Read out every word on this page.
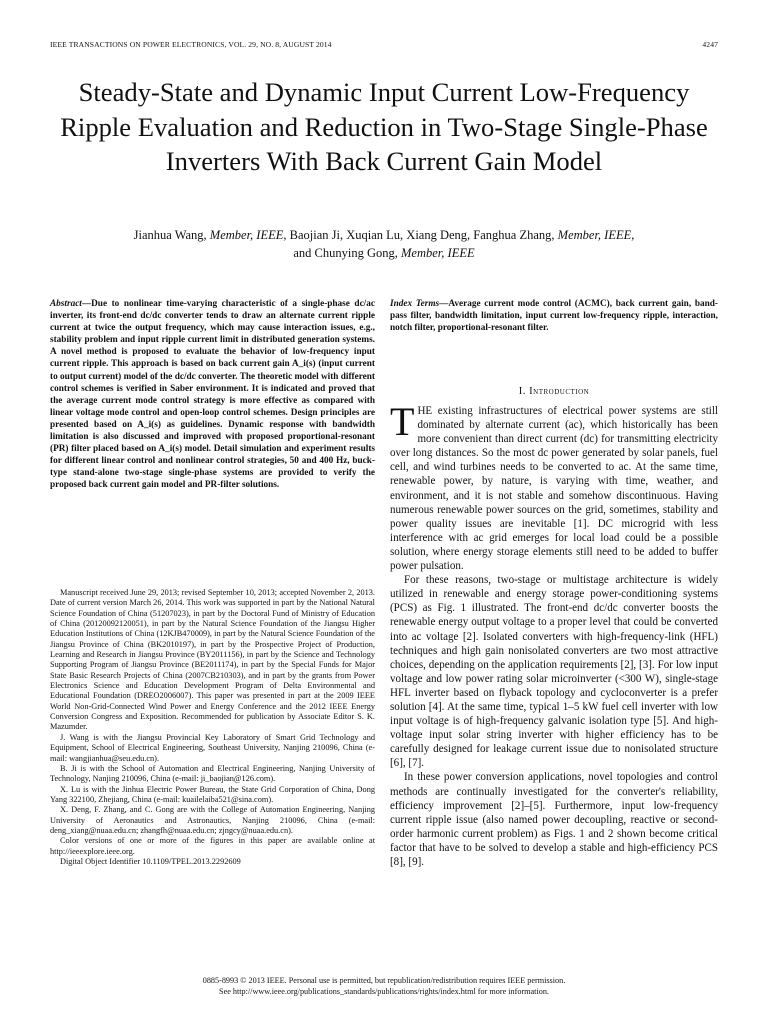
IEEE TRANSACTIONS ON POWER ELECTRONICS, VOL. 29, NO. 8, AUGUST 2014	4247
Steady-State and Dynamic Input Current Low-Frequency Ripple Evaluation and Reduction in Two-Stage Single-Phase Inverters With Back Current Gain Model
Jianhua Wang, Member, IEEE, Baojian Ji, Xuqian Lu, Xiang Deng, Fanghua Zhang, Member, IEEE,
and Chunying Gong, Member, IEEE
Abstract—Due to nonlinear time-varying characteristic of a single-phase dc/ac inverter, its front-end dc/dc converter tends to draw an alternate current ripple current at twice the output frequency, which may cause interaction issues, e.g., stability problem and input ripple current limit in distributed generation systems. A novel method is proposed to evaluate the behavior of low-frequency input current ripple. This approach is based on back current gain A_i(s) (input current to output current) model of the dc/dc converter. The theoretic model with different control schemes is verified in Saber environment. It is indicated and proved that the average current mode control strategy is more effective as compared with linear voltage mode control and open-loop control schemes. Design principles are presented based on A_i(s) as guidelines. Dynamic response with bandwidth limitation is also discussed and improved with proposed proportional-resonant (PR) filter placed based on A_i(s) model. Detail simulation and experiment results for different linear control and nonlinear control strategies, 50 and 400 Hz, buck-type stand-alone two-stage single-phase systems are provided to verify the proposed back current gain model and PR-filter solutions.
Index Terms—Average current mode control (ACMC), back current gain, band-pass filter, bandwidth limitation, input current low-frequency ripple, interaction, notch filter, proportional-resonant filter.
I. Introduction

THE existing infrastructures of electrical power systems are still dominated by alternate current (ac), which historically has been more convenient than direct current (dc) for transmitting electricity over long distances. So the most dc power generated by solar panels, fuel cell, and wind turbines needs to be converted to ac. At the same time, renewable power, by nature, is varying with time, weather, and environment, and it is not stable and somehow discontinuous. Having numerous renewable power sources on the grid, sometimes, stability and power quality issues are inevitable [1]. DC microgrid with less interference with ac grid emerges for local load could be a possible solution, where energy storage elements still need to be added to buffer power pulsation.

For these reasons, two-stage or multistage architecture is widely utilized in renewable and energy storage power-conditioning systems (PCS) as Fig. 1 illustrated. The front-end dc/dc converter boosts the renewable energy output voltage to a proper level that could be converted into ac voltage [2]. Isolated converters with high-frequency-link (HFL) techniques and high gain nonisolated converters are two most attractive choices, depending on the application requirements [2], [3]. For low input voltage and low power rating solar microinverter (<300 W), single-stage HFL inverter based on flyback topology and cycloconverter is a prefer solution [4]. At the same time, typical 1–5 kW fuel cell inverter with low input voltage is of high-frequency galvanic isolation type [5]. And high-voltage input solar string inverter with higher efficiency has to be carefully designed for leakage current issue due to nonisolated structure [6], [7].

In these power conversion applications, novel topologies and control methods are continually investigated for the converter's reliability, efficiency improvement [2]–[5]. Furthermore, input low-frequency current ripple issue (also named power decoupling, reactive or second-order harmonic current problem) as Figs. 1 and 2 shown become critical factor that have to be solved to develop a stable and high-efficiency PCS [8], [9].

Manuscript received June 29, 2013; revised September 10, 2013; accepted November 2, 2013. Date of current version March 26, 2014. This work was supported in part by the National Natural Science Foundation of China (51207023), in part by the Doctoral Fund of Ministry of Education of China (20120092120051), in part by the Natural Science Foundation of the Jiangsu Higher Education Institutions of China (12KJB470009), in part by the Natural Science Foundation of the Jiangsu Province of China (BK2010197), in part by the Prospective Project of Production, Learning and Research in Jiangsu Province (BY2011156), in part by the Science and Technology Supporting Program of Jiangsu Province (BE2011174), in part by the Special Funds for Major State Basic Research Projects of China (2007CB210303), and in part by the grants from Power Electronics Science and Education Development Program of Delta Environmental and Educational Foundation (DREO2006007). This paper was presented in part at the 2009 IEEE World Non-Grid-Connected Wind Power and Energy Conference and the 2012 IEEE Energy Conversion Congress and Exposition. Recommended for publication by Associate Editor S. K. Mazumder.

J. Wang is with the Jiangsu Provincial Key Laboratory of Smart Grid Technology and Equipment, School of Electrical Engineering, Southeast University, Nanjing 210096, China (e-mail: wangjianhua@seu.edu.cn).

B. Ji is with the School of Automation and Electrical Engineering, Nanjing University of Technology, Nanjing 210096, China (e-mail: ji_baojian@126.com).

X. Lu is with the Jinhua Electric Power Bureau, the State Grid Corporation of China, Dong Yang 322100, Zhejiang, China (e-mail: kuailelaiba521@sina.com).

X. Deng, F. Zhang, and C. Gong are with the College of Automation Engineering, Nanjing University of Aeronautics and Astronautics, Nanjing 210096, China (e-mail: deng_xiang@nuaa.edu.cn; zhangfh@nuaa.edu.cn; zjngcy@nuaa.edu.cn).

Color versions of one or more of the figures in this paper are available online at http://ieeexplore.ieee.org.

Digital Object Identifier 10.1109/TPEL.2013.2292609

0885-8993 © 2013 IEEE. Personal use is permitted, but republication/redistribution requires IEEE permission.
See http://www.ieee.org/publications_standards/publications/rights/index.html for more information.
